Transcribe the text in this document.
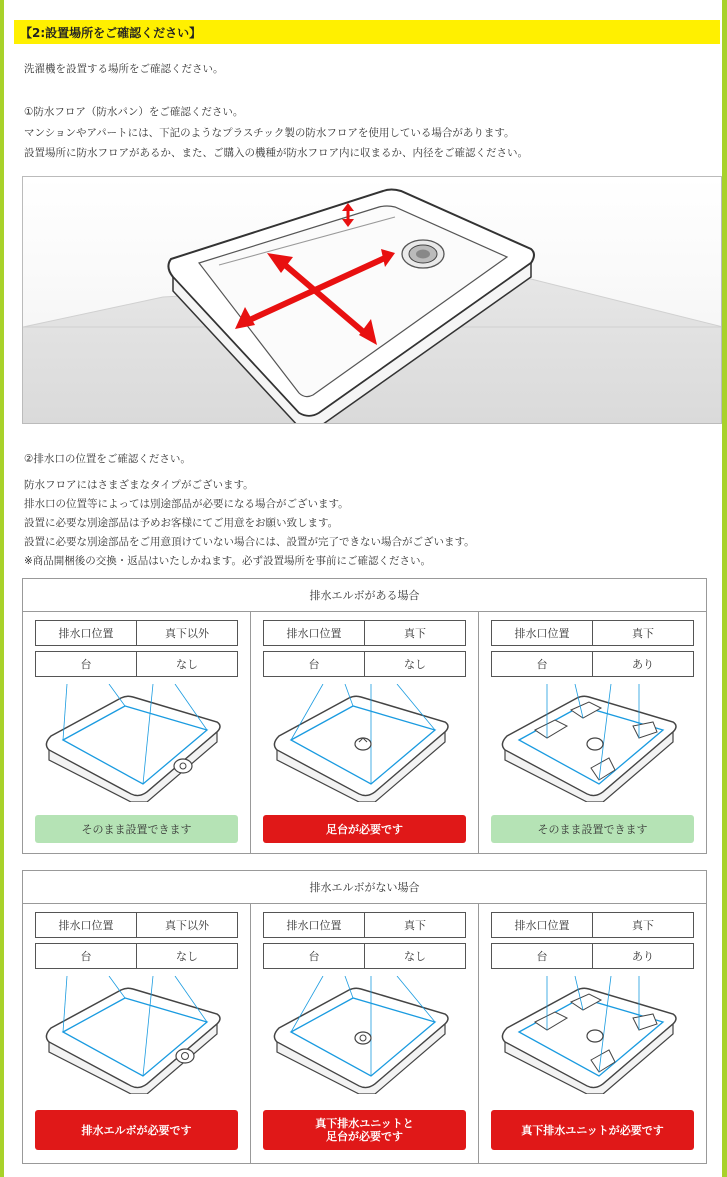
【2:設置場所をご確認ください】
洗濯機を設置する場所をご確認ください。
①防水フロア（防水パン）をご確認ください。
マンションやアパートには、下記のようなプラスチック製の防水フロアを使用している場合があります。
設置場所に防水フロアがあるか、また、ご購入の機種が防水フロア内に収まるか、内径をご確認ください。
②排水口の位置をご確認ください。
防水フロアにはさまざまなタイプがございます。
排水口の位置等によっては別途部品が必要になる場合がございます。
設置に必要な別途部品は予めお客様にてご用意をお願い致します。
設置に必要な別途部品をご用意頂けていない場合には、設置が完了できない場合がございます。
※商品開梱後の交換・返品はいたしかねます。必ず設置場所を事前にご確認ください。
排水エルボがある場合
排水口位置	真下以外
台	なし
そのまま設置できます
排水口位置	真下
台	なし
足台が必要です
排水口位置	真下
台	あり
そのまま設置できます
排水エルボがない場合
排水口位置	真下以外
台	なし
排水エルボが必要です
排水口位置	真下
台	なし
真下排水ユニットと
足台が必要です
排水口位置	真下
台	あり
真下排水ユニットが必要です
